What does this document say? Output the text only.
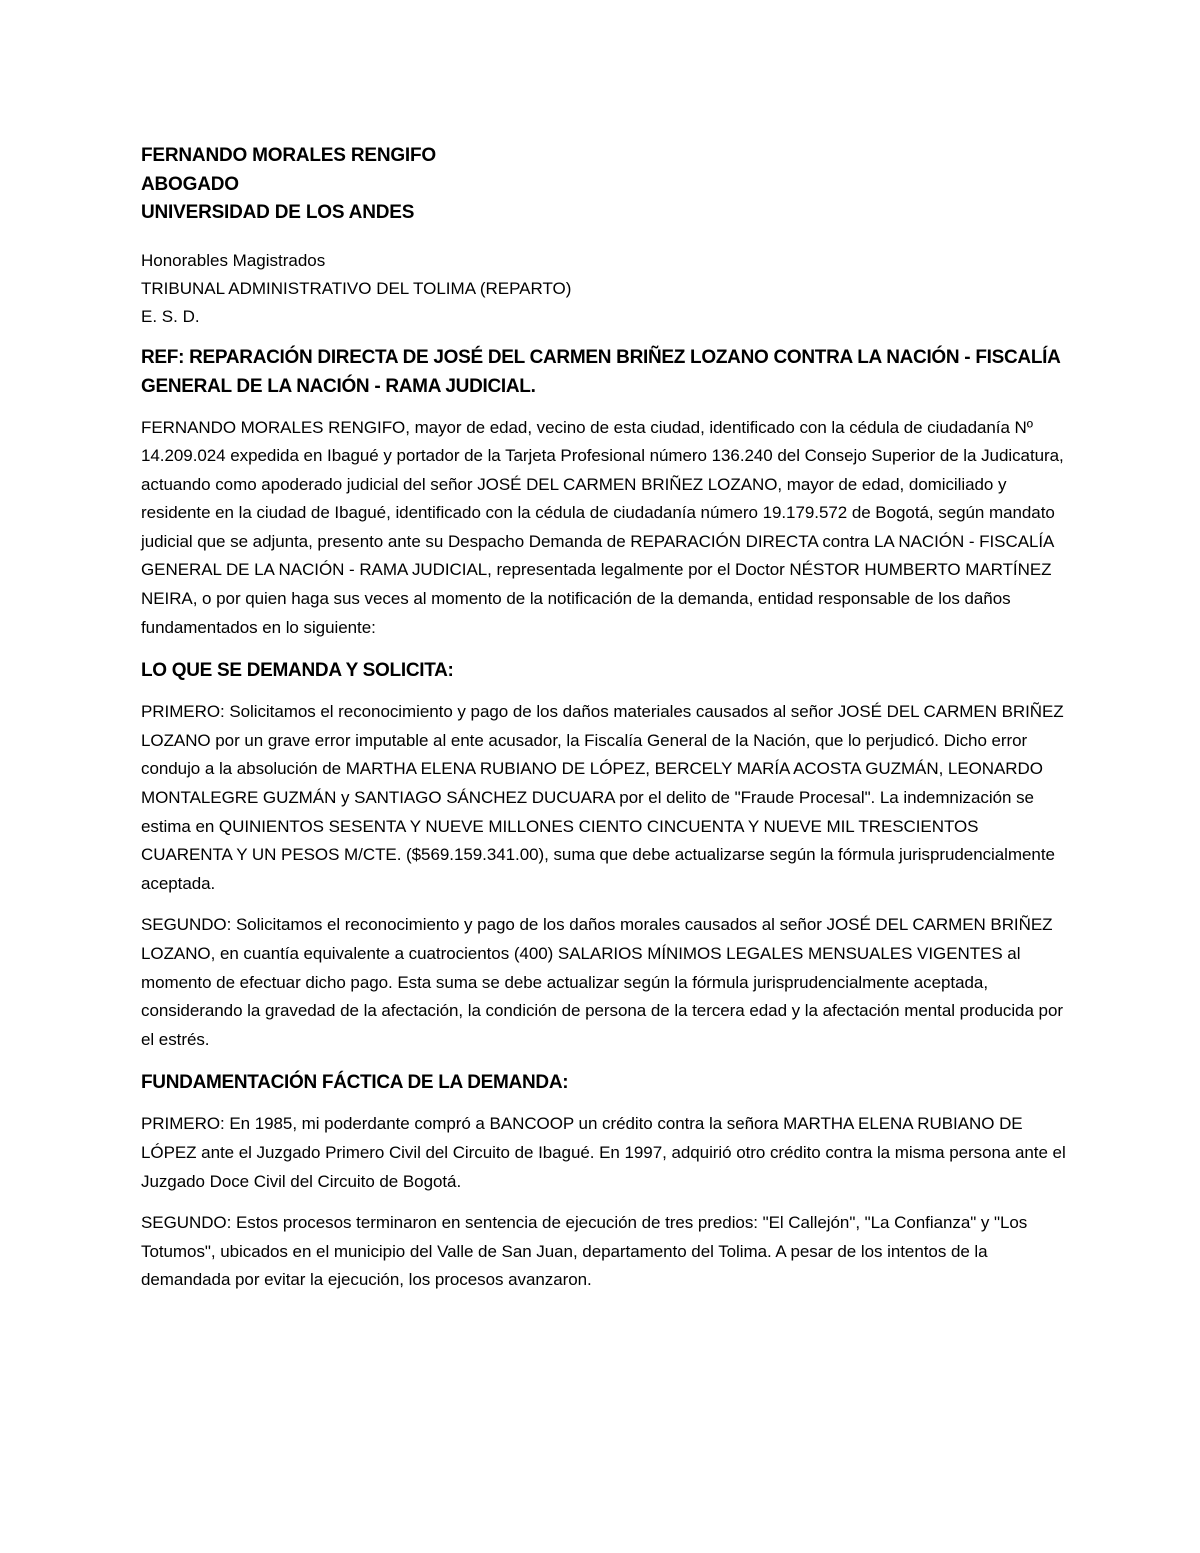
FERNANDO MORALES RENGIFO
ABOGADO
UNIVERSIDAD DE LOS ANDES
Honorables Magistrados
TRIBUNAL ADMINISTRATIVO DEL TOLIMA (REPARTO)
E. S. D.
REF: REPARACIÓN DIRECTA DE JOSÉ DEL CARMEN BRIÑEZ LOZANO CONTRA LA NACIÓN - FISCALÍA GENERAL DE LA NACIÓN - RAMA JUDICIAL.
FERNANDO MORALES RENGIFO, mayor de edad, vecino de esta ciudad, identificado con la cédula de ciudadanía Nº 14.209.024 expedida en Ibagué y portador de la Tarjeta Profesional número 136.240 del Consejo Superior de la Judicatura, actuando como apoderado judicial del señor JOSÉ DEL CARMEN BRIÑEZ LOZANO, mayor de edad, domiciliado y residente en la ciudad de Ibagué, identificado con la cédula de ciudadanía número 19.179.572 de Bogotá, según mandato judicial que se adjunta, presento ante su Despacho Demanda de REPARACIÓN DIRECTA contra LA NACIÓN - FISCALÍA GENERAL DE LA NACIÓN - RAMA JUDICIAL, representada legalmente por el Doctor NÉSTOR HUMBERTO MARTÍNEZ NEIRA, o por quien haga sus veces al momento de la notificación de la demanda, entidad responsable de los daños fundamentados en lo siguiente:
LO QUE SE DEMANDA Y SOLICITA:
PRIMERO: Solicitamos el reconocimiento y pago de los daños materiales causados al señor JOSÉ DEL CARMEN BRIÑEZ LOZANO por un grave error imputable al ente acusador, la Fiscalía General de la Nación, que lo perjudicó. Dicho error condujo a la absolución de MARTHA ELENA RUBIANO DE LÓPEZ, BERCELY MARÍA ACOSTA GUZMÁN, LEONARDO MONTALEGRE GUZMÁN y SANTIAGO SÁNCHEZ DUCUARA por el delito de "Fraude Procesal". La indemnización se estima en QUINIENTOS SESENTA Y NUEVE MILLONES CIENTO CINCUENTA Y NUEVE MIL TRESCIENTOS CUARENTA Y UN PESOS M/CTE. ($569.159.341.00), suma que debe actualizarse según la fórmula jurisprudencialmente aceptada.
SEGUNDO: Solicitamos el reconocimiento y pago de los daños morales causados al señor JOSÉ DEL CARMEN BRIÑEZ LOZANO, en cuantía equivalente a cuatrocientos (400) SALARIOS MÍNIMOS LEGALES MENSUALES VIGENTES al momento de efectuar dicho pago. Esta suma se debe actualizar según la fórmula jurisprudencialmente aceptada, considerando la gravedad de la afectación, la condición de persona de la tercera edad y la afectación mental producida por el estrés.
FUNDAMENTACIÓN FÁCTICA DE LA DEMANDA:
PRIMERO: En 1985, mi poderdante compró a BANCOOP un crédito contra la señora MARTHA ELENA RUBIANO DE LÓPEZ ante el Juzgado Primero Civil del Circuito de Ibagué. En 1997, adquirió otro crédito contra la misma persona ante el Juzgado Doce Civil del Circuito de Bogotá.
SEGUNDO: Estos procesos terminaron en sentencia de ejecución de tres predios: "El Callejón", "La Confianza" y "Los Totumos", ubicados en el municipio del Valle de San Juan, departamento del Tolima. A pesar de los intentos de la demandada por evitar la ejecución, los procesos avanzaron.
